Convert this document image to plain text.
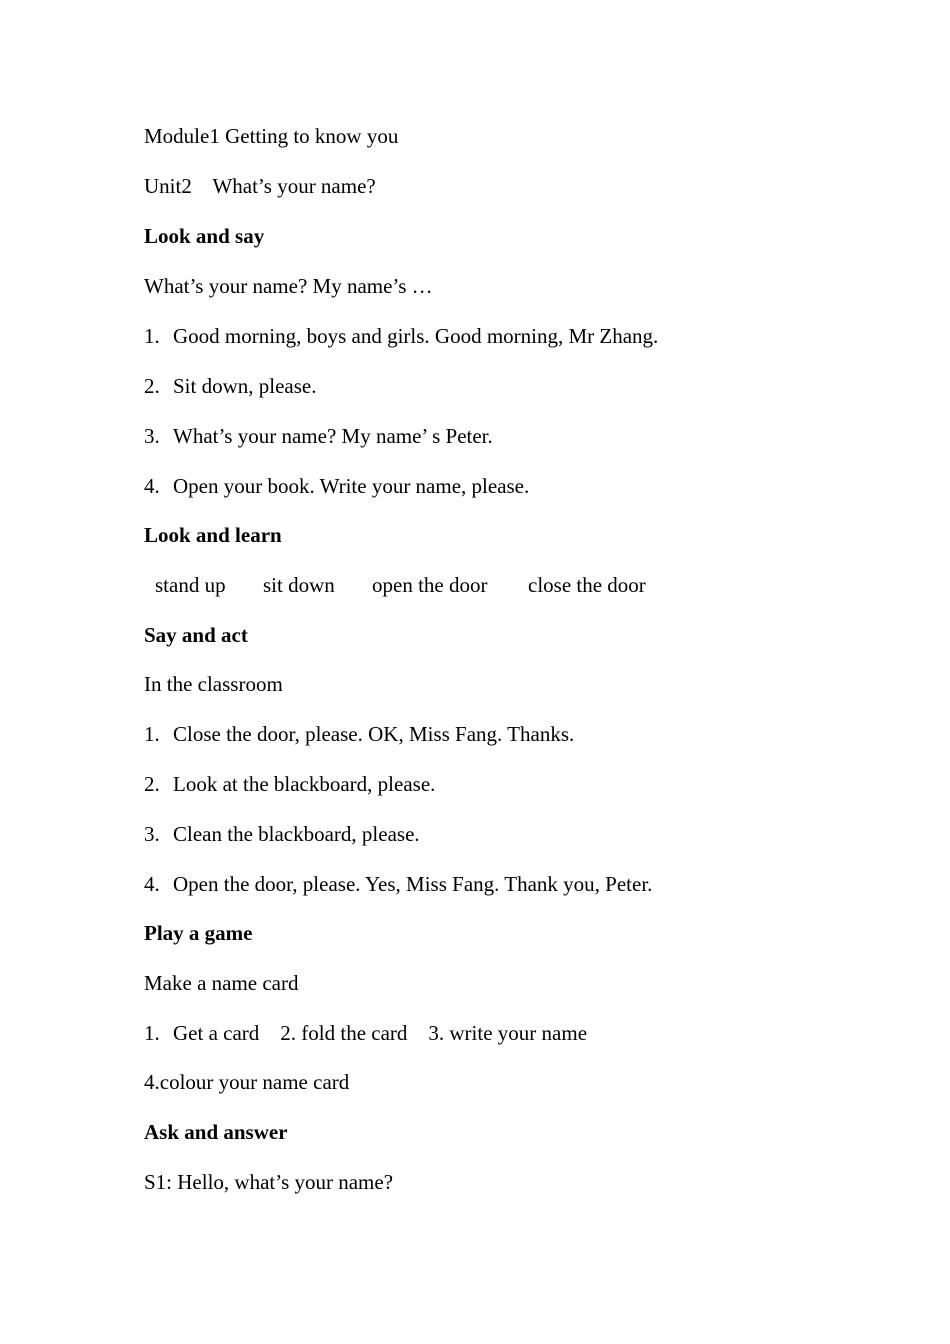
Module1 Getting to know you
Unit2    What’s your name?
Look and say
What’s your name? My name’s …
1. Good morning, boys and girls. Good morning, Mr Zhang.
2. Sit down, please.
3. What’s your name? My name’ s Peter.
4. Open your book. Write your name, please.
Look and learn
stand up sit down open the door close the door
Say and act
In the classroom
1. Close the door, please. OK, Miss Fang. Thanks.
2. Look at the blackboard, please.
3. Clean the blackboard, please.
4. Open the door, please. Yes, Miss Fang. Thank you, Peter.
Play a game
Make a name card
1. Get a card    2. fold the card    3. write your name
4.colour your name card
Ask and answer
S1: Hello, what’s your name?
